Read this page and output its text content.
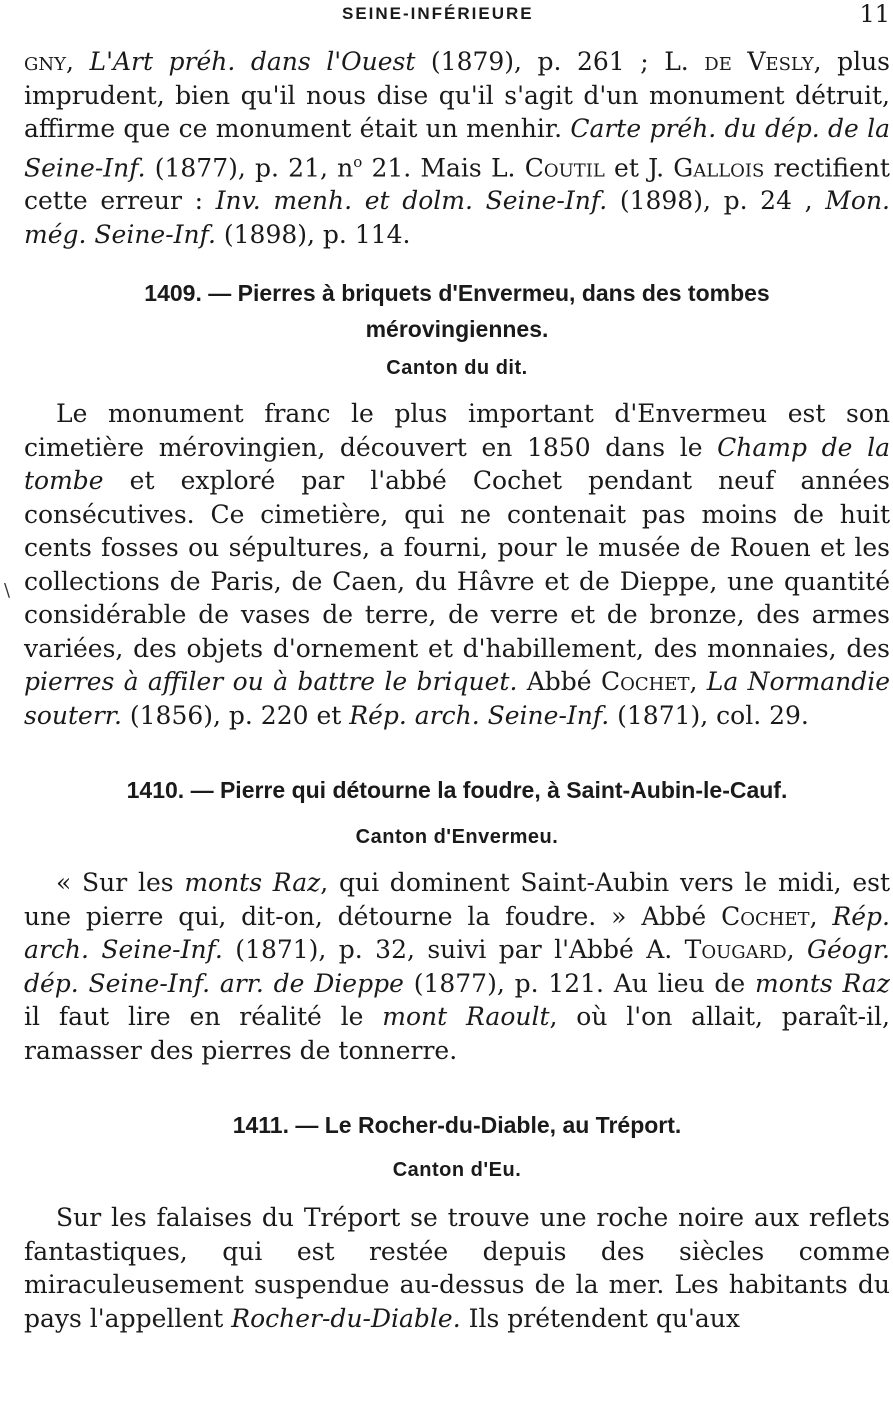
SEINE-INFÉRIEURE	11

gny, L'Art préh. dans l'Ouest (1879), p. 261 ; L. de Vesly, plus imprudent, bien qu'il nous dise qu'il s'agit d'un monument détruit, affirme que ce monument était un menhir. Carte préh. du dép. de la Seine-Inf. (1877), p. 21, $n^o$ 21. Mais L. Coutil et J. Gallois rectifient cette erreur : Inv. menh. et dolm. Seine-Inf. (1898), p. 24 , Mon. még. Seine-Inf. (1898), p. 114.

1409. — Pierres à briquets d'Envermeu, dans des tombes mérovingiennes.
Canton du dit.

Le monument franc le plus important d'Envermeu est son cimetière mérovingien, découvert en 1850 dans le Champ de la tombe et exploré par l'abbé Cochet pendant neuf années consécutives. Ce cimetière, qui ne contenait pas moins de huit cents fosses ou sépultures, a fourni, pour le musée de Rouen et les collections de Paris, de Caen, du Hâvre et de Dieppe, une quantité considérable de vases de terre, de verre et de bronze, des armes variées, des objets d'ornement et d'habillement, des monnaies, des pierres à affiler ou à battre le briquet. Abbé Cochet, La Normandie souterr. (1856), p. 220 et Rép. arch. Seine-Inf. (1871), col. 29.

1410. — Pierre qui détourne la foudre, à Saint-Aubin-le-Cauf.
Canton d'Envermeu.

« Sur les monts Raz, qui dominent Saint-Aubin vers le midi, est une pierre qui, dit-on, détourne la foudre. » Abbé Cochet, Rép. arch. Seine-Inf. (1871), p. 32, suivi par l'Abbé A. Tougard, Géogr. dép. Seine-Inf. arr. de Dieppe (1877), p. 121. Au lieu de monts Raz il faut lire en réalité le mont Raoult, où l'on allait, paraît-il, ramasser des pierres de tonnerre.

1411. — Le Rocher-du-Diable, au Tréport.
Canton d'Eu.

Sur les falaises du Tréport se trouve une roche noire aux reflets fantastiques, qui est restée depuis des siècles comme miraculeusement suspendue au-dessus de la mer. Les habitants du pays l'appellent Rocher-du-Diable. Ils prétendent qu'aux

\
